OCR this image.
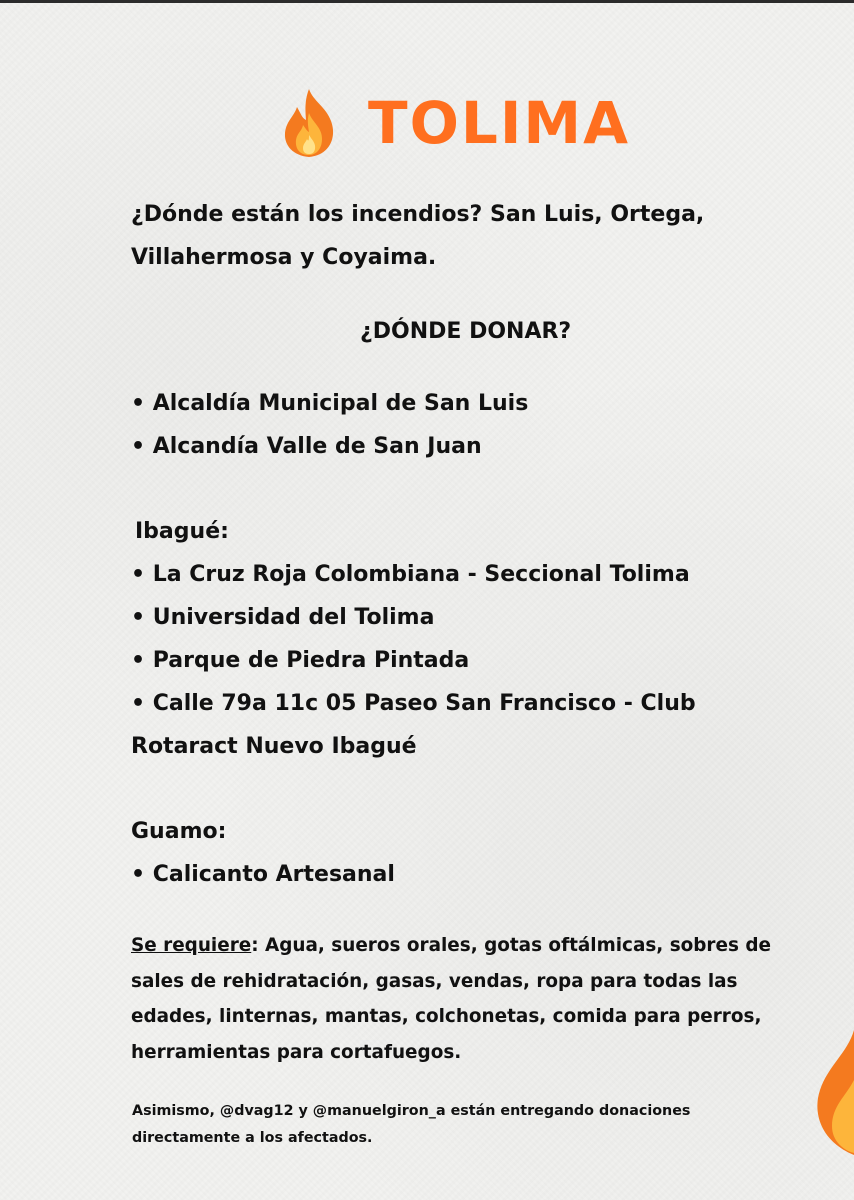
TOLIMA
¿Dónde están los incendios? San Luis, Ortega,
Villahermosa y Coyaima.
¿DÓNDE DONAR?
• Alcaldía Municipal de San Luis
• Alcandía Valle de San Juan
Ibagué:
• La Cruz Roja Colombiana - Seccional Tolima
• Universidad del Tolima
• Parque de Piedra Pintada
• Calle 79a 11c 05 Paseo San Francisco - Club
Rotaract Nuevo Ibagué
Guamo:
• Calicanto Artesanal
Se requiere: Agua, sueros orales, gotas oftálmicas, sobres de
sales de rehidratación, gasas, vendas, ropa para todas las
edades, linternas, mantas, colchonetas, comida para perros,
herramientas para cortafuegos.
Asimismo, @dvag12 y @manuelgiron_a están entregando donaciones
directamente a los afectados.
